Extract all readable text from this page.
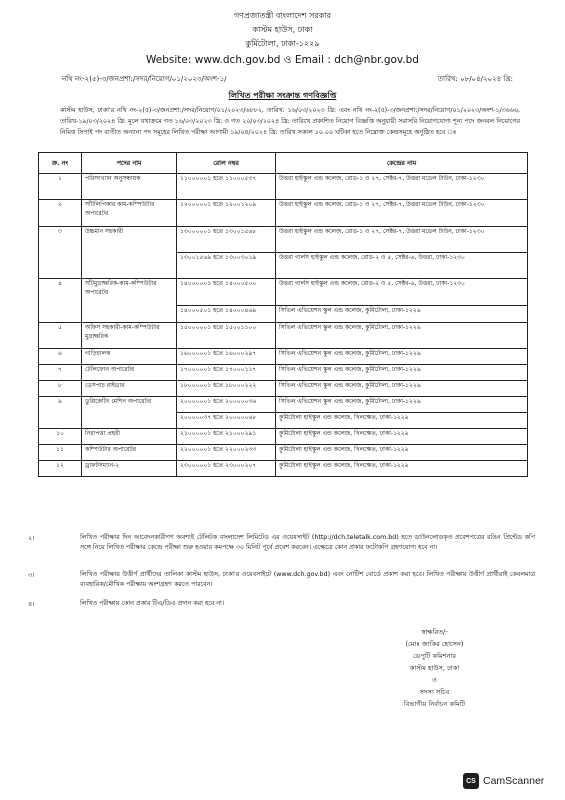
গণপ্রজাতন্ত্রী বাংলাদেশ সরকার
কাস্টম হাউস, ঢাকা
কুর্মিটোলা, ঢাকা-১২২৯
Website: www.dch.gov.bd ও Email : dch@nbr.gov.bd
নথি নং-২(৫)-৩/জনপ্রশা:/সদর/নিয়োগ/০১/২০২৩/অংশ-১/	তারিখ: ০৮/০৪/২০২৪ খ্রি:
লিখিত পরীক্ষা সংক্রান্ত গণবিজ্ঞপ্তি
কাস্টম হাউস, ঢাকা'র নথি নং-২(৫)-৩/জনপ্রশা:/সদর/নিয়োগ/০১/২০২৩/৬৮৮২, তারিখ: ১৬/০৩/২০২৩ খ্রি: এবং নথি নং-২(৫)-৩/জনপ্রশা:/সদর/নিয়োগ/০১/২০২৩/অংশ-১/৩৬৬৬, তারিখ-১৯/০৩/২০২৪ খ্রি: মূলে যথাক্রমে গত ১৬/০৩/২০২৩ খ্রি: ও গত ২০/০৩/২০২৪ খ্রি: তারিখে প্রকাশিত নিয়োগ বিজ্ঞপ্তি অনুযায়ী সরাসরি নিয়োগযোগ্য শূন্য পদে জনবল নিয়োগের নিমিত্ত সিপাই পদ ব্যতীত অন্যান্য পদ সমূহের লিখিত পরীক্ষা আগামী ১৯/০৪/২০২৪ খ্রি: তারিখ সকাল ১০.০০ ঘটিকা হতে নিম্নোক্ত কেন্দ্রসমূহে অনুষ্ঠিত হবে ঃ
ক্র. নং	পদের নাম	রোল নম্বর	কেন্দ্রের নাম
১	পরিসংখ্যান অনুসন্ধায়ক	১১০০০০০১ হতে ১১০০০৫৩৭	উত্তরা হাইস্কুল এন্ড কলেজ, রোড-১ ও ২৭, সেক্টর-৭, উত্তরা মডেল টাউন, ঢাকা-১২৩০
২	সাঁটলিপিকার কাম-কম্পিউটার অপারেটর	১২০০০০০১ হতে ১২০০১২০৯	উত্তরা হাইস্কুল এন্ড কলেজ, রোড-১ ও ২৭, সেক্টর-৭, উত্তরা মডেল টাউন, ঢাকা-১২৩০
৩	উচ্চমান সহকারী	১৩০০০০০১ হতে ১৩০০১৫৬৮	উত্তরা হাইস্কুল এন্ড কলেজ, রোড-১ ও ২৭, সেক্টর-৭, উত্তরা মডেল টাউন, ঢাকা-১২৩০
		১৩০০১৫৬৯ হতে ১৩০০৩০১৯	উত্তরা গার্লস হাইস্কুল এন্ড কলেজ, রোড-২ ও ৫, সেক্টর-৬, উত্তরা, ঢাকা-১২৩০
৪	সাঁটমুদ্রাক্ষরিক-কাম-কম্পিউটার অপারেটর	১৪০০০০০১ হতে ১৪০০০৫০০	উত্তরা গার্লস হাইস্কুল এন্ড কলেজ, রোড-২ ও ৫, সেক্টর-৬, উত্তরা, ঢাকা-১২৩০
		১৪০০০৫০১ হতে ১৪০০০৪৬৯	সিভিল এভিয়েশন স্কুল এন্ড কলেজ, কুর্মিটোলা, ঢাকা-১২২৯
৫	অফিস সহকারী-কাম-কম্পিউটার মুদ্রাক্ষরিক	১৫০০০০০১ হতে ১৫০০১১০০	সিভিল এভিয়েশন স্কুল এন্ড কলেজ, কুর্মিটোলা, ঢাকা-১২২৯
৬	গাড়িচালক	১৬০০০০০১ হতে ১৬০০০২৯৭	সিভিল এভিয়েশন স্কুল এন্ড কলেজ, কুর্মিটোলা, ঢাকা-১২২৯
৭	টেলিফোন অপারেটর	১৭০০০০০১ হতে ১৭০০০১১৭	সিভিল এভিয়েশন স্কুল এন্ড কলেজ, কুর্মিটোলা, ঢাকা-১২২৯
৮	ডেসপাচ রাইডার	১৮০০০০০১ হতে ১৮০০০২২২	সিভিল এভিয়েশন স্কুল এন্ড কলেজ, কুর্মিটোলা, ঢাকা-১২২৯
৯	ডুপ্লিকেটিং মেশিন অপারেটর	২০০০০০০১ হতে ২০০০০০৩৬	সিভিল এভিয়েশন স্কুল এন্ড কলেজ, কুর্মিটোলা, ঢাকা-১২২৯
		২০০০০০৩৭ হতে ২০০০০০৬৮	কুর্মিটোলা হাইস্কুল এন্ড কলেজ, খিলক্ষেত, ঢাকা-১২২৯
১০	নিরাপত্তা প্রহরী	২১০০০০০১ হতে ২১০০০২৯১	কুর্মিটোলা হাইস্কুল এন্ড কলেজ, খিলক্ষেত, ঢাকা-১২২৯
১১	কম্পিউটার অপারেটর	২২০০০০০১ হতে ২২০০০২৩৩	কুর্মিটোলা হাইস্কুল এন্ড কলেজ, খিলক্ষেত, ঢাকা-১২২৯
১২	ড্রাফটসম্যান-২	২৩০০০০০১ হতে ২৩০০০২০৭	কুর্মিটোলা হাইস্কুল এন্ড কলেজ, খিলক্ষেত, ঢাকা-১২২৯
২।	লিখিত পরীক্ষার দিন আবেদনকারীগণ অবশ্যই টেলিটক বাংলাদেশ লিমিটেড এর ওয়েবসাইট (http://dch.teletalk.com.bd) হতে ডাউনলোডকৃত প্রবেশপত্রের রঙিন প্রিন্টেড কপি সঙ্গে নিয়ে লিখিত পরীক্ষার কেন্দ্রে পরীক্ষা শুরু হওয়ার কমপক্ষে ৩০ মিনিট পূর্বে প্রবেশ করবেন। এক্ষেত্রে কোন প্রকার ফটোকপি গ্রহণযোগ্য হবে না।
৩।	লিখিত পরীক্ষায় উত্তীর্ণ প্রার্থীদের তালিকা কাস্টম হাউস, ঢাকা'র ওয়েবসাইটে (www.dch.gov.bd) এবং নোটিশ বোর্ডে প্রকাশ করা হবে। লিখিত পরীক্ষায় উত্তীর্ণ প্রার্থীরাই কেবলমাত্র ব্যবহারিক/মৌখিক পরীক্ষায় অংশগ্রহণ করতে পারবেন।
৪।	লিখিত পরীক্ষায় কোন প্রকার টিএ/ডিএ প্রদান করা হবে না।
স্বাক্ষরিত/-
(মোঃ জাকির হোসেন)
ডেপুটি কমিশনার
কাস্টম হাউস, ঢাকা
ও
সদস্য সচিব
বিভাগীয় নির্বাচন কমিটি
CS CamScanner
